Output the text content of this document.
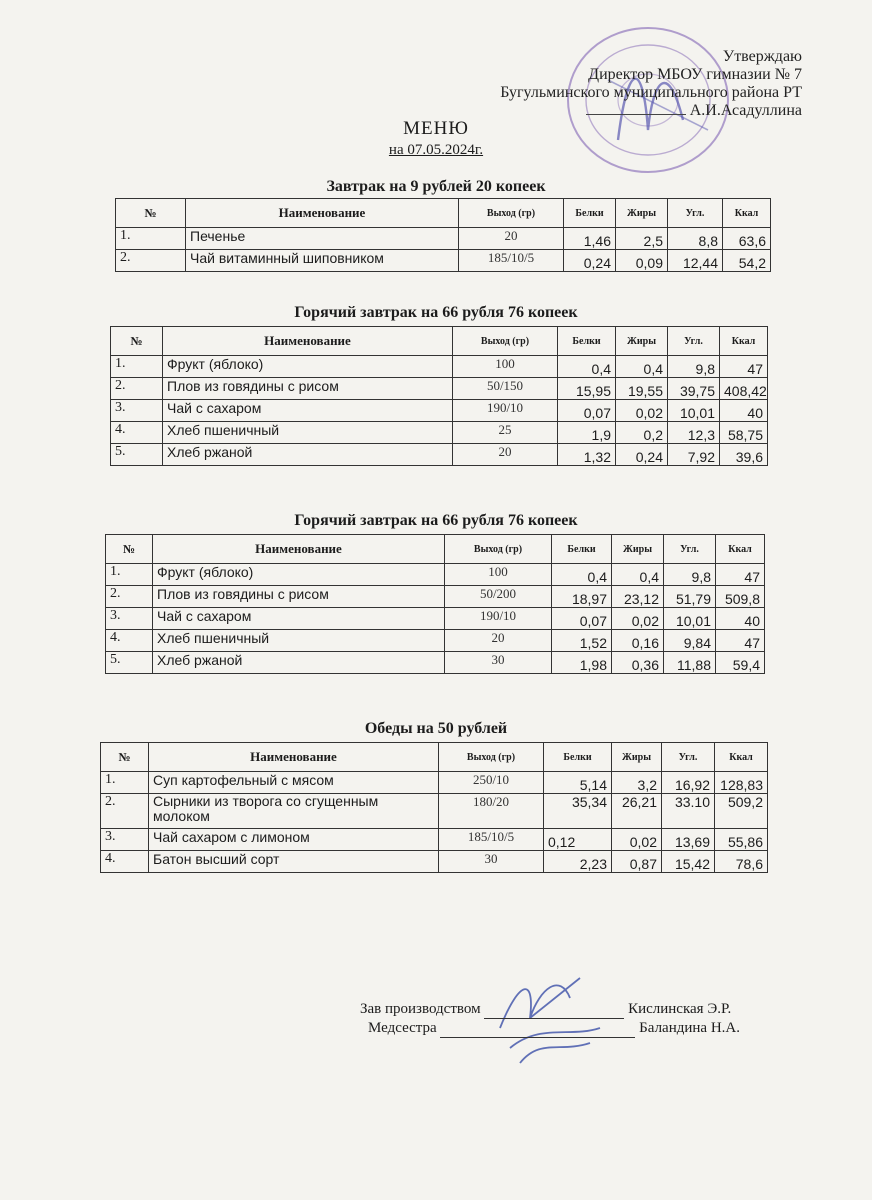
Утверждаю
Директор МБОУ гимназии № 7
Бугульминского муниципального района РТ
А.И.Асадуллина
МЕНЮ
на 07.05.2024г.
Завтрак на 9 рублей 20 копеек
№	Наименование	Выход (гр)	Белки	Жиры	Угл.	Ккал
1.	Печенье	20	1,46	2,5	8,8	63,6
2.	Чай витаминный шиповником	185/10/5	0,24	0,09	12,44	54,2
Горячий завтрак на 66 рубля 76 копеек
№	Наименование	Выход (гр)	Белки	Жиры	Угл.	Ккал
1.	Фрукт (яблоко)	100	0,4	0,4	9,8	47
2.	Плов из говядины с рисом	50/150	15,95	19,55	39,75	408,42
3.	Чай с сахаром	190/10	0,07	0,02	10,01	40
4.	Хлеб пшеничный	25	1,9	0,2	12,3	58,75
5.	Хлеб ржаной	20	1,32	0,24	7,92	39,6
Горячий завтрак на 66 рубля 76 копеек
№	Наименование	Выход (гр)	Белки	Жиры	Угл.	Ккал
1.	Фрукт (яблоко)	100	0,4	0,4	9,8	47
2.	Плов из говядины с рисом	50/200	18,97	23,12	51,79	509,8
3.	Чай с сахаром	190/10	0,07	0,02	10,01	40
4.	Хлеб пшеничный	20	1,52	0,16	9,84	47
5.	Хлеб ржаной	30	1,98	0,36	11,88	59,4
Обеды на 50 рублей
№	Наименование	Выход (гр)	Белки	Жиры	Угл.	Ккал
1.	Суп картофельный с мясом	250/10	5,14	3,2	16,92	128,83
2.	Сырники из творога со сгущенным молоком	180/20	35,34	26,21	33.10	509,2
3.	Чай сахаром с лимоном	185/10/5	0,12	0,02	13,69	55,86
4.	Батон высший сорт	30	2,23	0,87	15,42	78,6
Зав производством	Кислинская Э.Р.
Медсестра	Баландина Н.А.
